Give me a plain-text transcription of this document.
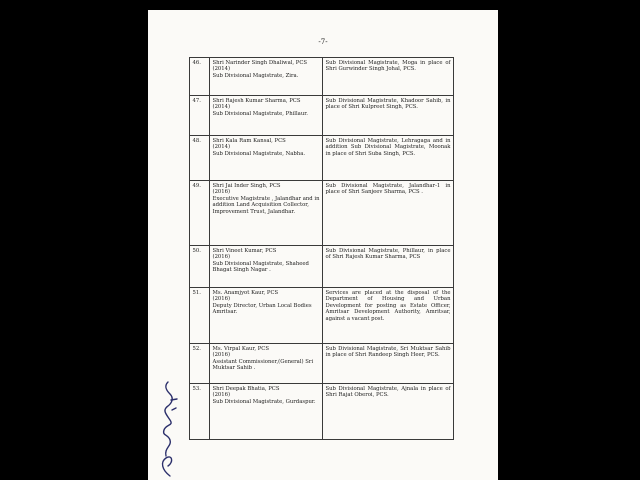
-7-
46.	Shri Narinder Singh Dhaliwal, PCS
(2014)
Sub Divisional Magistrate, Zira.	Sub Divisional Magistrate, Moga in place of Shri Gurwinder Singh Johal, PCS.
47.	Shri Rajesh Kumar Sharma, PCS
(2014)
Sub Divisional Magistrate, Phillaur.	Sub Divisional Magistrate, Khadoor Sahib, in place of Shri Kulpreet Singh, PCS.
48.	Shri Kala Ram Kansal, PCS
(2014)
Sub Divisional Magistrate, Nabha.	Sub Divisional Magistrate, Lehragaga and in addition Sub Divisional Magistrate, Moonak in place of Shri Suba Singh, PCS.
49.	Shri Jai Inder Singh, PCS
(2016)
Executive Magistrate , Jalandhar and in addition Land Acquisition Collector, Improvement Trust, Jalandhar.	Sub Divisional Magistrate, Jalandhar-1 in place of Shri Sanjeev Sharma, PCS .
50.	Shri Vineet Kumar, PCS
(2016)
Sub Divisional Magistrate, Shaheed Bhagat Singh Nagar .	Sub Divisional Magistrate, Phillaur, in place of Shri Rajesh Kumar Sharma, PCS
51.	Ms. Anamjyot Kaur, PCS
(2016)
Deputy Director, Urban Local Bodies Amritsar.	Services are placed at the disposal of the Department of Housing and Urban Development for posting as Estate Officer, Amritsar Development Authority, Amritsar, against a vacant post.
52.	Ms. Virpal Kaur, PCS
(2016)
Assistant Commissioner,(General) Sri Muktsar Sahib .	Sub Divisional Magistrate, Sri Muktsar Sahib in place of Shri Randeep Singh Heer, PCS.
53.	Shri Deepak Bhatia, PCS
(2016)
Sub Divisional Magistrate, Gurdaspur.	Sub Divisional Magistrate, Ajnala in place of Shri Rajat Oberoi, PCS.
